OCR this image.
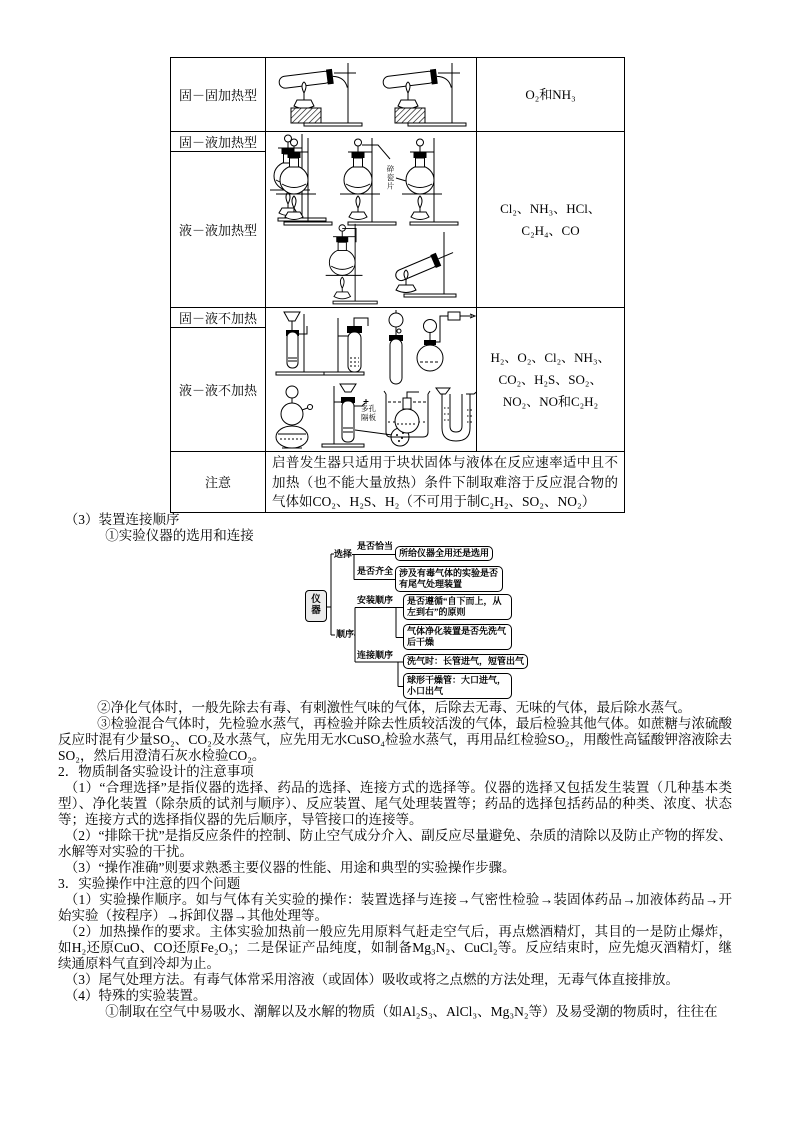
固－固加热型		O₂和NH₃
固－液加热型	碎瓷片	Cl₂、NH₃、HCl、C₂H₄、CO
液－液加热型		
固－液不加热	多孔隔板	H₂、O₂、Cl₂、NH₃、CO₂、H₂S、SO₂、NO₂、NO和C₂H₂
液－液不加热		
注意	启普发生器只适用于块状固体与液体在反应速率适中且不加热（也不能大量放热）条件下制取难溶于反应混合物的气体如CO₂、H₂S、H₂（不可用于制C₂H₂、SO₂、NO₂）	
（3）装置连接顺序
①实验仪器的选用和连接
仪器
选择
是否恰当
是否齐全
顺序
安装顺序
连接顺序
所给仪器全用还是选用
涉及有毒气体的实验是否有尾气处理装置
是否遵循“自下而上，从左到右”的原则
气体净化装置是否先洗气后干燥
洗气时：长管进气，短管出气
球形干燥管：大口进气，小口出气

②净化气体时，一般先除去有毒、有刺激性气味的气体，后除去无毒、无味的气体，最后除水蒸气。

③检验混合气体时，先检验水蒸气，再检验并除去性质较活泼的气体，最后检验其他气体。如蔗糖与浓硫酸反应时混有少量SO₂、CO₂及水蒸气，应先用无水CuSO₄检验水蒸气，再用品红检验SO₂，用酸性高锰酸钾溶液除去SO₂，然后用澄清石灰水检验CO₂。

2．物质制备实验设计的注意事项

（1）“合理选择”是指仪器的选择、药品的选择、连接方式的选择等。仪器的选择又包括发生装置（几种基本类型）、净化装置（除杂质的试剂与顺序）、反应装置、尾气处理装置等；药品的选择包括药品的种类、浓度、状态等；连接方式的选择指仪器的先后顺序，导管接口的连接等。

（2）“排除干扰”是指反应条件的控制、防止空气成分介入、副反应尽量避免、杂质的清除以及防止产物的挥发、水解等对实验的干扰。

（3）“操作准确”则要求熟悉主要仪器的性能、用途和典型的实验操作步骤。

3．实验操作中注意的四个问题

（1）实验操作顺序。如与气体有关实验的操作：装置选择与连接→气密性检验→装固体药品→加液体药品→开始实验（按程序）→拆卸仪器→其他处理等。

（2）加热操作的要求。主体实验加热前一般应先用原料气赶走空气后，再点燃酒精灯，其目的一是防止爆炸，如H₂还原CuO、CO还原Fe₂O₃；二是保证产品纯度，如制备Mg₃N₂、CuCl₂等。反应结束时，应先熄灭酒精灯，继续通原料气直到冷却为止。

（3）尾气处理方法。有毒气体常采用溶液（或固体）吸收或将之点燃的方法处理，无毒气体直接排放。

（4）特殊的实验装置。

①制取在空气中易吸水、潮解以及水解的物质（如Al₂S₃、AlCl₃、Mg₃N₂等）及易受潮的物质时，往往在
